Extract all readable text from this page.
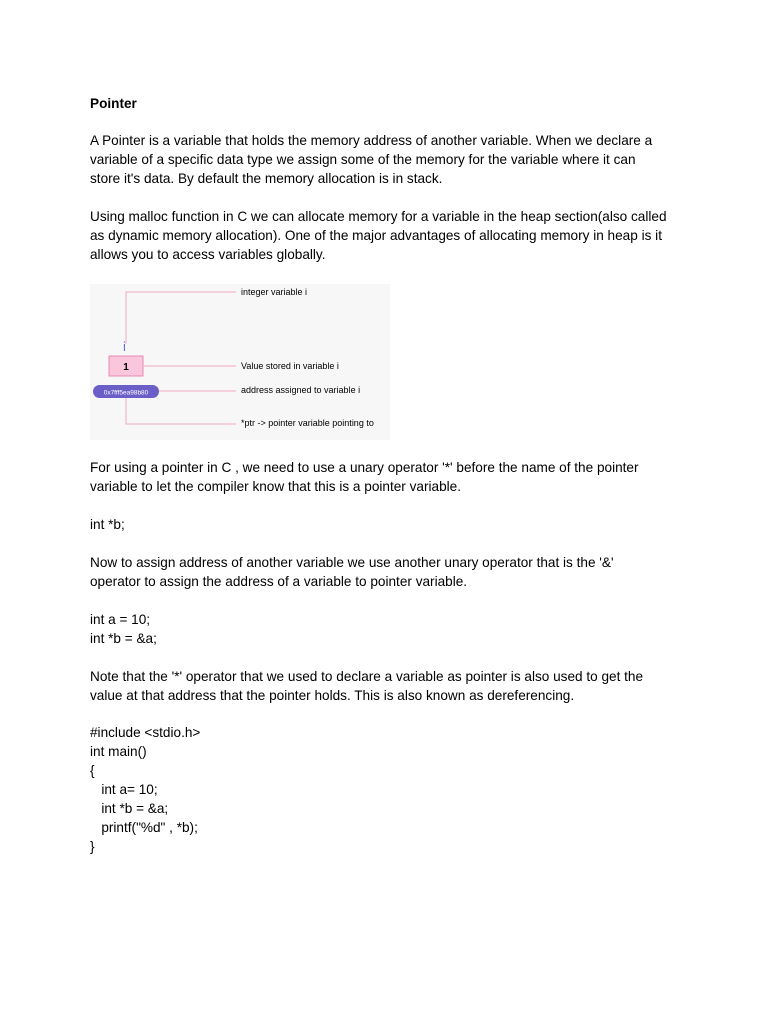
Pointer
A Pointer is a variable that holds the memory address of another variable. When we declare a
variable of a specific data type we assign some of the memory for the variable where it can
store it's data. By default the memory allocation is in stack.
Using malloc function in C we can allocate memory for a variable in the heap section(also called
as dynamic memory allocation). One of the major advantages of allocating memory in heap is it
allows you to access variables globally.
integer variable i
i
1	Value stored in variable i
0x7fff5ea98b80	address assigned to variable i
*ptr -> pointer variable pointing to
For using a pointer in C , we need to use a unary operator '*' before the name of the pointer
variable to let the compiler know that this is a pointer variable.
int *b;
Now to assign address of another variable we use another unary operator that is the '&'
operator to assign the address of a variable to pointer variable.
int a = 10;
int *b = &a;
Note that the '*' operator that we used to declare a variable as pointer is also used to get the
value at that address that the pointer holds. This is also known as dereferencing.
#include <stdio.h>
int main()
{
int a= 10;
int *b = &a;
printf("%d" , *b);
}
